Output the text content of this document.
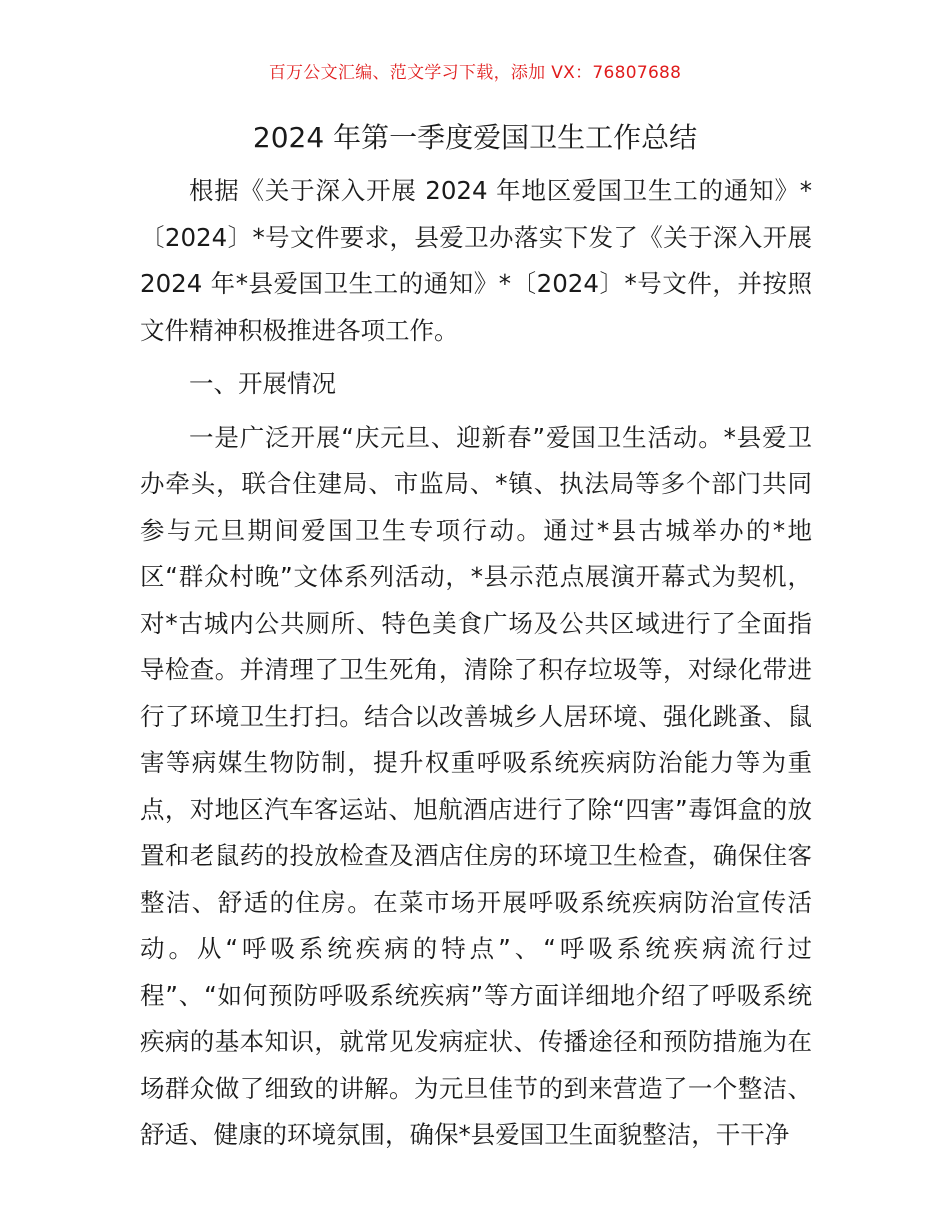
百万公文汇编、范文学习下载，添加 VX：76807688
2024 年第一季度爱国卫生工作总结

根据《关于深入开展 2024 年地区爱国卫生工的通知》*〔2024〕*号文件要求，县爱卫办落实下发了《关于深入开展 2024 年*县爱国卫生工的通知》*〔2024〕*号文件，并按照文件精神积极推进各项工作。

一、开展情况

一是广泛开展“庆元旦、迎新春”爱国卫生活动。*县爱卫办牵头，联合住建局、市监局、*镇、执法局等多个部门共同参与元旦期间爱国卫生专项行动。通过*县古城举办的*地区“群众村晚”文体系列活动，*县示范点展演开幕式为契机，对*古城内公共厕所、特色美食广场及公共区域进行了全面指导检查。并清理了卫生死角，清除了积存垃圾等，对绿化带进行了环境卫生打扫。结合以改善城乡人居环境、强化跳蚤、鼠害等病媒生物防制，提升权重呼吸系统疾病防治能力等为重点，对地区汽车客运站、旭航酒店进行了除“四害”毒饵盒的放置和老鼠药的投放检查及酒店住房的环境卫生检查，确保住客整洁、舒适的住房。在菜市场开展呼吸系统疾病防治宣传活动。从“呼吸系统疾病的特点”、“呼吸系统疾病流行过程”、“如何预防呼吸系统疾病”等方面详细地介绍了呼吸系统疾病的基本知识，就常见发病症状、传播途径和预防措施为在场群众做了细致的讲解。为元旦佳节的到来营造了一个整洁、舒适、健康的环境氛围，确保*县爱国卫生面貌整洁，干干净
